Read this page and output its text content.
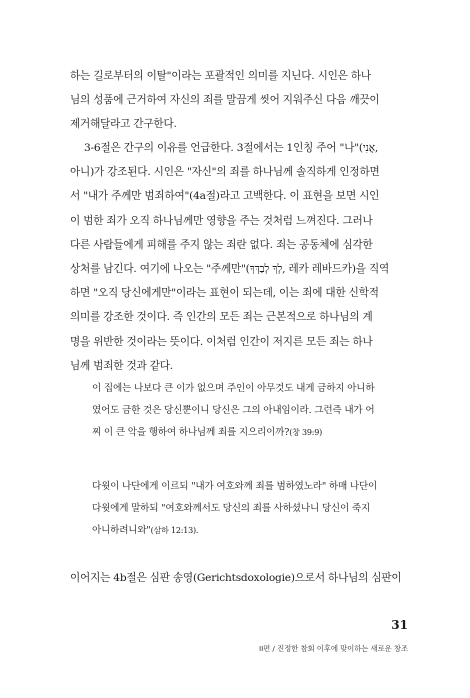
하는 길로부터의 이탈"이라는 포괄적인 의미를 지닌다. 시인은 하나
님의 성품에 근거하여 자신의 죄를 말끔게 씻어 지워주신 다음 깨끗이
제거해달라고 간구한다.
3-6절은 간구의 이유를 언급한다. 3절에서는 1인칭 주어 "나"(אֲנִי,
아니)가 강조된다. 시인은 "자신"의 죄를 하나님께 솔직하게 인정하면
서 "내가 주께만 범죄하여"(4a절)라고 고백한다. 이 표현을 보면 시인
이 범한 죄가 오직 하나님께만 영향을 주는 것처럼 느껴진다. 그러나
다른 사람들에게 피해를 주지 않는 죄란 없다. 죄는 공동체에 심각한
상처를 남긴다. 여기에 나오는 "주께만"(לְךָ לְבַדְּךָ, 레카 레바드카)을 직역
하면 "오직 당신에게만"이라는 표현이 되는데, 이는 죄에 대한 신학적
의미를 강조한 것이다. 즉 인간의 모든 죄는 근본적으로 하나님의 계
명을 위반한 것이라는 뜻이다. 이처럼 인간이 저지른 모든 죄는 하나
님께 범죄한 것과 같다.
이 집에는 나보다 큰 이가 없으며 주인이 아무것도 내게 금하지 아니하
였어도 금한 것은 당신뿐이니 당신은 그의 아내임이라. 그런즉 내가 어
찌 이 큰 악을 행하여 하나님께 죄를 지으리이까?(창 39:9)
다윗이 나단에게 이르되 "내가 여호와께 죄를 범하였노라" 하매 나단이
다윗에게 말하되 "여호와께서도 당신의 죄를 사하셨나니 당신이 죽지
아니하려니와"(삼하 12:13).
이어지는 4b절은 심판 송영(Gerichtsdoxologie)으로서 하나님의 심판이
31
II편 / 진정한 참회 이후에 맞이하는 새로운 창조
